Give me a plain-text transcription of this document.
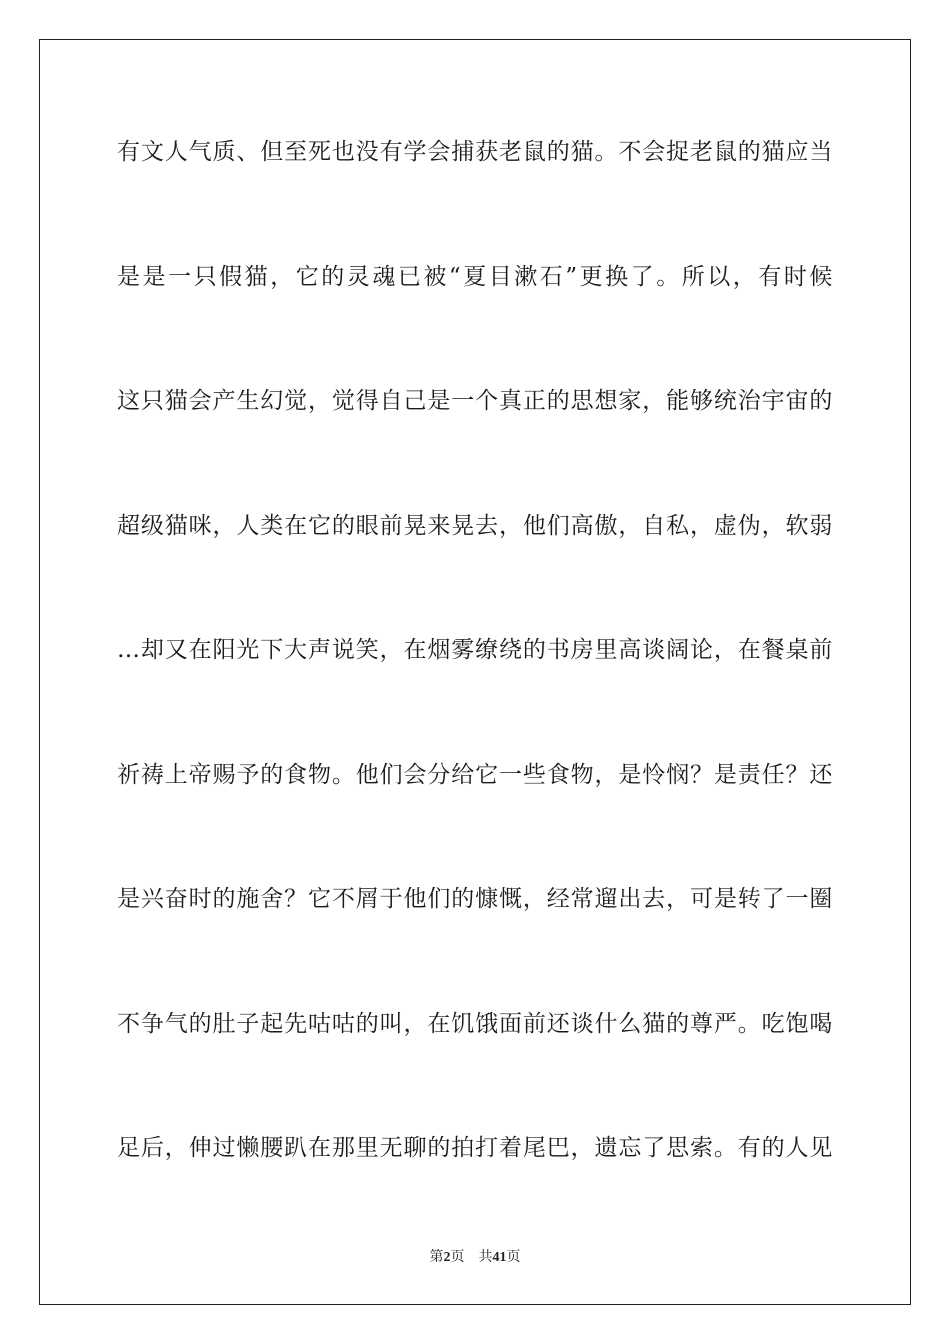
有文人气质、但至死也没有学会捕获老鼠的猫。不会捉老鼠的猫应当
是是一只假猫，它的灵魂已被“夏目漱石”更换了。所以，有时候
这只猫会产生幻觉，觉得自己是一个真正的思想家，能够统治宇宙的
超级猫咪，人类在它的眼前晃来晃去，他们高傲，自私，虚伪，软弱
…却又在阳光下大声说笑，在烟雾缭绕的书房里高谈阔论，在餐桌前
祈祷上帝赐予的食物。他们会分给它一些食物，是怜悯？是责任？还
是兴奋时的施舍？它不屑于他们的慷慨，经常遛出去，可是转了一圈
不争气的肚子起先咕咕的叫，在饥饿面前还谈什么猫的尊严。吃饱喝
足后，伸过懒腰趴在那里无聊的拍打着尾巴，遗忘了思索。有的人见
第2页 共41页
